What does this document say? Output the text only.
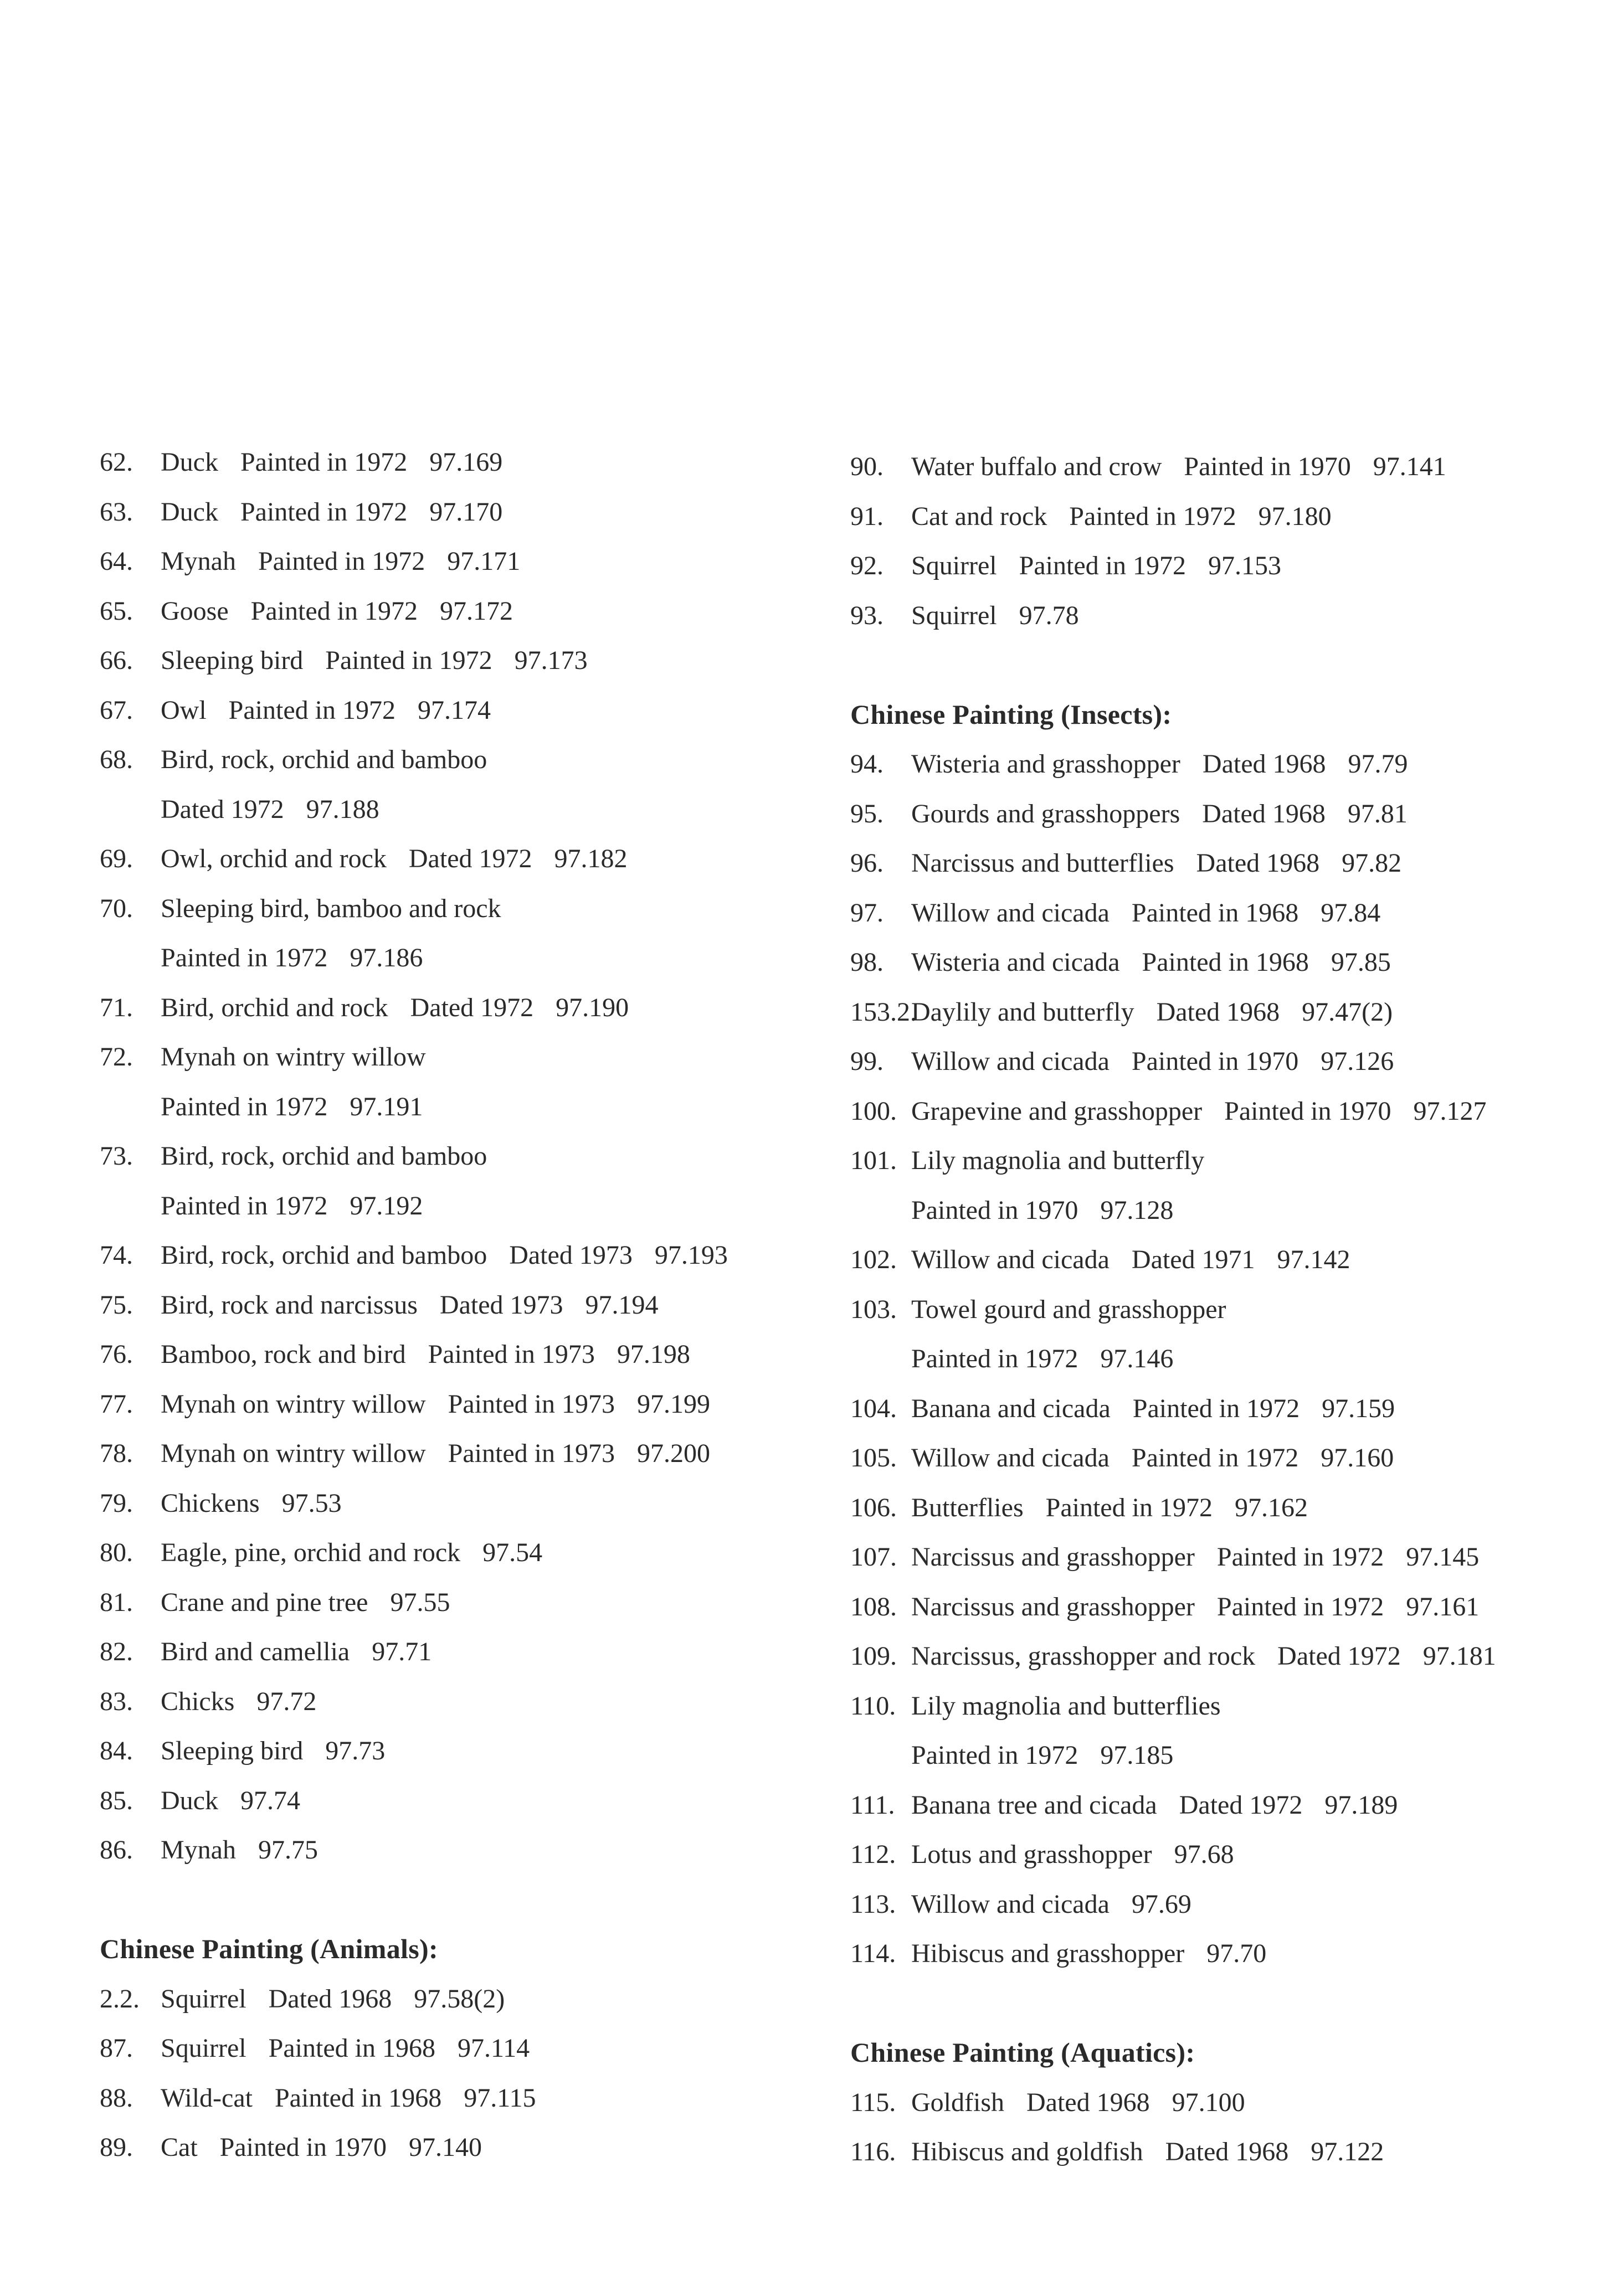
62. Duck Painted in 1972 97.169
63. Duck Painted in 1972 97.170
64. Mynah Painted in 1972 97.171
65. Goose Painted in 1972 97.172
66. Sleeping bird Painted in 1972 97.173
67. Owl Painted in 1972 97.174
68. Bird, rock, orchid and bamboo
Dated 1972 97.188
69. Owl, orchid and rock Dated 1972 97.182
70. Sleeping bird, bamboo and rock
Painted in 1972 97.186
71. Bird, orchid and rock Dated 1972 97.190
72. Mynah on wintry willow
Painted in 1972 97.191
73. Bird, rock, orchid and bamboo
Painted in 1972 97.192
74. Bird, rock, orchid and bamboo Dated 1973 97.193
75. Bird, rock and narcissus Dated 1973 97.194
76. Bamboo, rock and bird Painted in 1973 97.198
77. Mynah on wintry willow Painted in 1973 97.199
78. Mynah on wintry willow Painted in 1973 97.200
79. Chickens 97.53
80. Eagle, pine, orchid and rock 97.54
81. Crane and pine tree 97.55
82. Bird and camellia 97.71
83. Chicks 97.72
84. Sleeping bird 97.73
85. Duck 97.74
86. Mynah 97.75
Chinese Painting (Animals):
2.2. Squirrel Dated 1968 97.58(2)
87. Squirrel Painted in 1968 97.114
88. Wild-cat Painted in 1968 97.115
89. Cat Painted in 1970 97.140
90. Water buffalo and crow Painted in 1970 97.141
91. Cat and rock Painted in 1972 97.180
92. Squirrel Painted in 1972 97.153
93. Squirrel 97.78
Chinese Painting (Insects):
94. Wisteria and grasshopper Dated 1968 97.79
95. Gourds and grasshoppers Dated 1968 97.81
96. Narcissus and butterflies Dated 1968 97.82
97. Willow and cicada Painted in 1968 97.84
98. Wisteria and cicada Painted in 1968 97.85
153.2.Daylily and butterfly Dated 1968 97.47(2)
99. Willow and cicada Painted in 1970 97.126
100. Grapevine and grasshopper Painted in 1970 97.127
101. Lily magnolia and butterfly
Painted in 1970 97.128
102. Willow and cicada Dated 1971 97.142
103. Towel gourd and grasshopper
Painted in 1972 97.146
104. Banana and cicada Painted in 1972 97.159
105. Willow and cicada Painted in 1972 97.160
106. Butterflies Painted in 1972 97.162
107. Narcissus and grasshopper Painted in 1972 97.145
108. Narcissus and grasshopper Painted in 1972 97.161
109. Narcissus, grasshopper and rock Dated 1972 97.181
110. Lily magnolia and butterflies
Painted in 1972 97.185
111. Banana tree and cicada Dated 1972 97.189
112. Lotus and grasshopper 97.68
113. Willow and cicada 97.69
114. Hibiscus and grasshopper 97.70
Chinese Painting (Aquatics):
115. Goldfish Dated 1968 97.100
116. Hibiscus and goldfish Dated 1968 97.122
